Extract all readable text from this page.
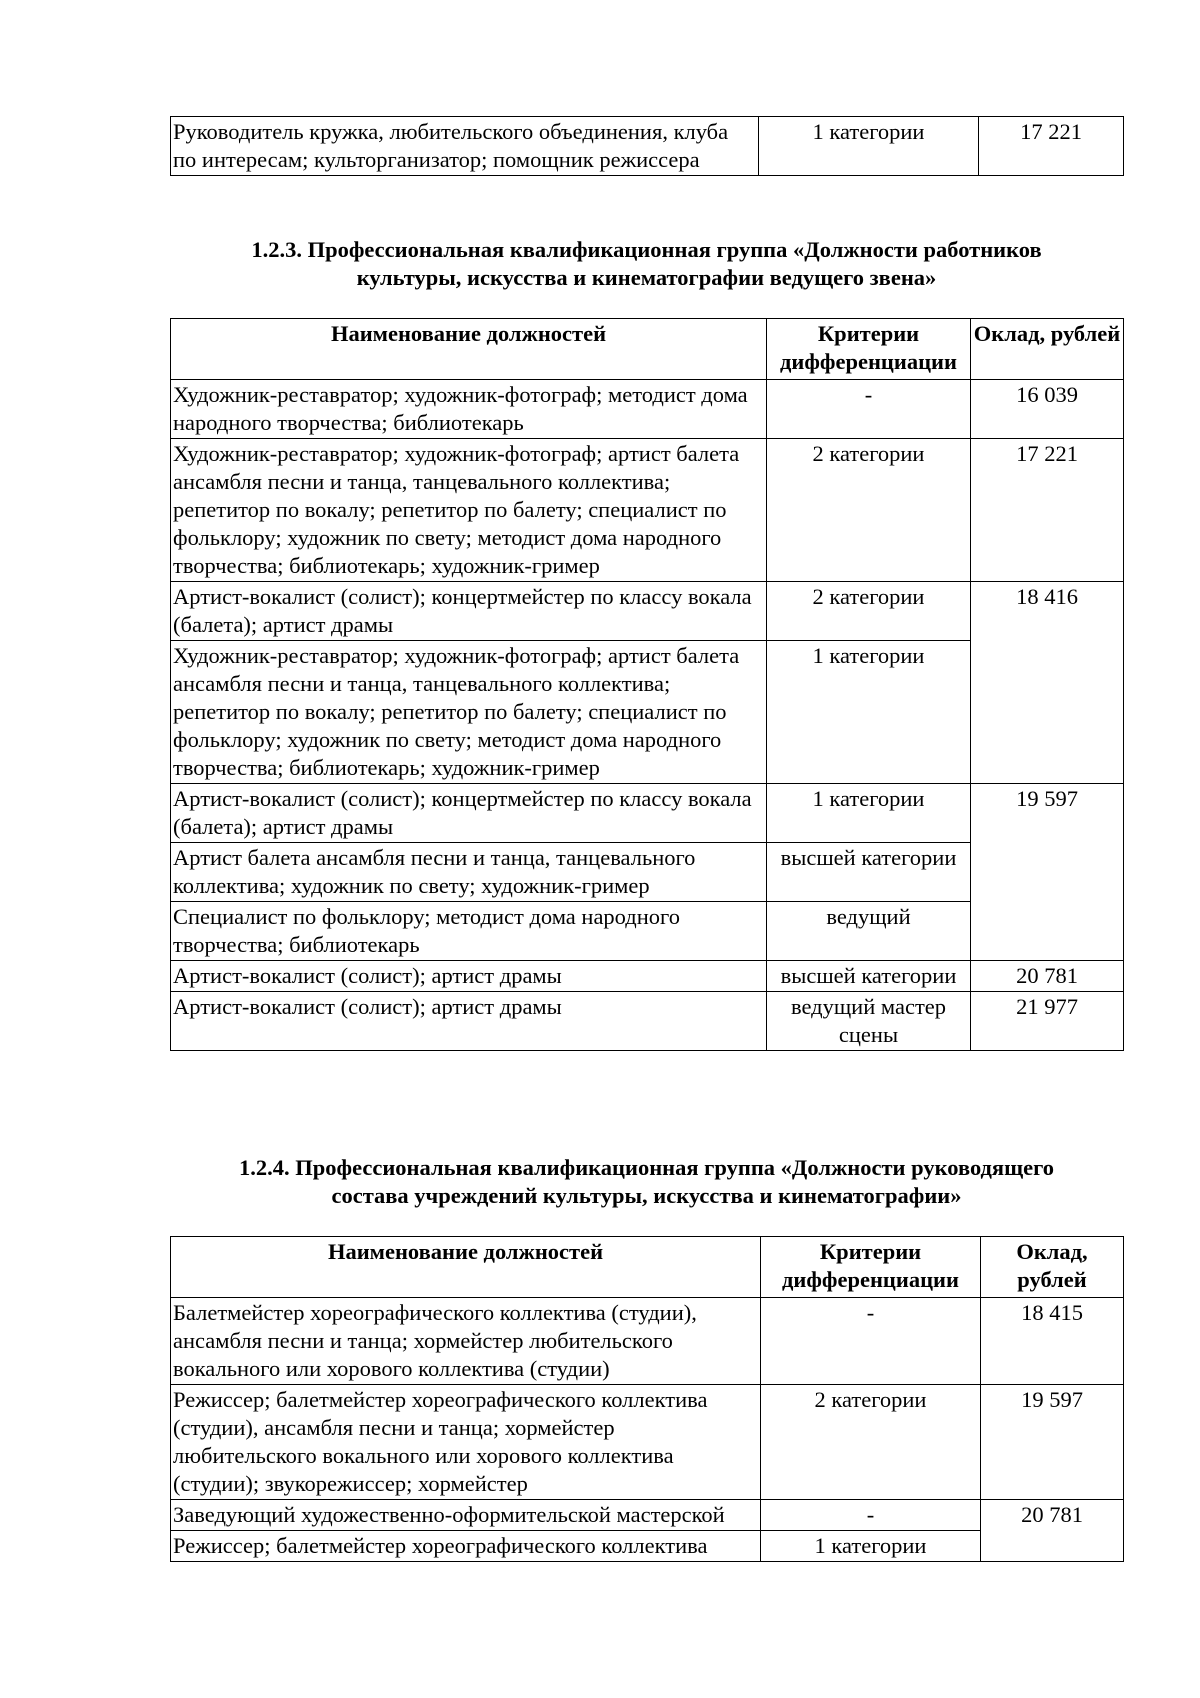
Руководитель кружка, любительского объединения, клуба по интересам; культорганизатор; помощник режиссера	1 категории	17 221
1.2.3. Профессиональная квалификационная группа «Должности работников
культуры, искусства и кинематографии ведущего звена»
Наименование должностей	Критерии дифференциации	Оклад, рублей
Художник-реставратор; художник-фотограф; методист дома народного творчества; библиотекарь	-	16 039
Художник-реставратор; художник-фотограф; артист балета ансамбля песни и танца, танцевального коллектива; репетитор по вокалу; репетитор по балету; специалист по фольклору; художник по свету; методист дома народного творчества; библиотекарь; художник-гример	2 категории	17 221
Артист-вокалист (солист); концертмейстер по классу вокала (балета); артист драмы	2 категории	18 416
Художник-реставратор; художник-фотограф; артист балета ансамбля песни и танца, танцевального коллектива; репетитор по вокалу; репетитор по балету; специалист по фольклору; художник по свету; методист дома народного творчества; библиотекарь; художник-гример	1 категории	
Артист-вокалист (солист); концертмейстер по классу вокала (балета); артист драмы	1 категории	19 597
Артист балета ансамбля песни и танца, танцевального коллектива; художник по свету; художник-гример	высшей категории	
Специалист по фольклору; методист дома народного творчества; библиотекарь	ведущий	
Артист-вокалист (солист); артист драмы	высшей категории	20 781
Артист-вокалист (солист); артист драмы	ведущий мастер сцены	21 977
1.2.4. Профессиональная квалификационная группа «Должности руководящего
состава учреждений культуры, искусства и кинематографии»
Наименование должностей	Критерии дифференциации	Оклад, рублей
Балетмейстер хореографического коллектива (студии), ансамбля песни и танца; хормейстер любительского вокального или хорового коллектива (студии)	-	18 415
Режиссер; балетмейстер хореографического коллектива (студии), ансамбля песни и танца; хормейстер любительского вокального или хорового коллектива (студии); звукорежиссер; хормейстер	2 категории	19 597
Заведующий художественно-оформительской мастерской	-	20 781
Режиссер; балетмейстер хореографического коллектива	1 категории	
